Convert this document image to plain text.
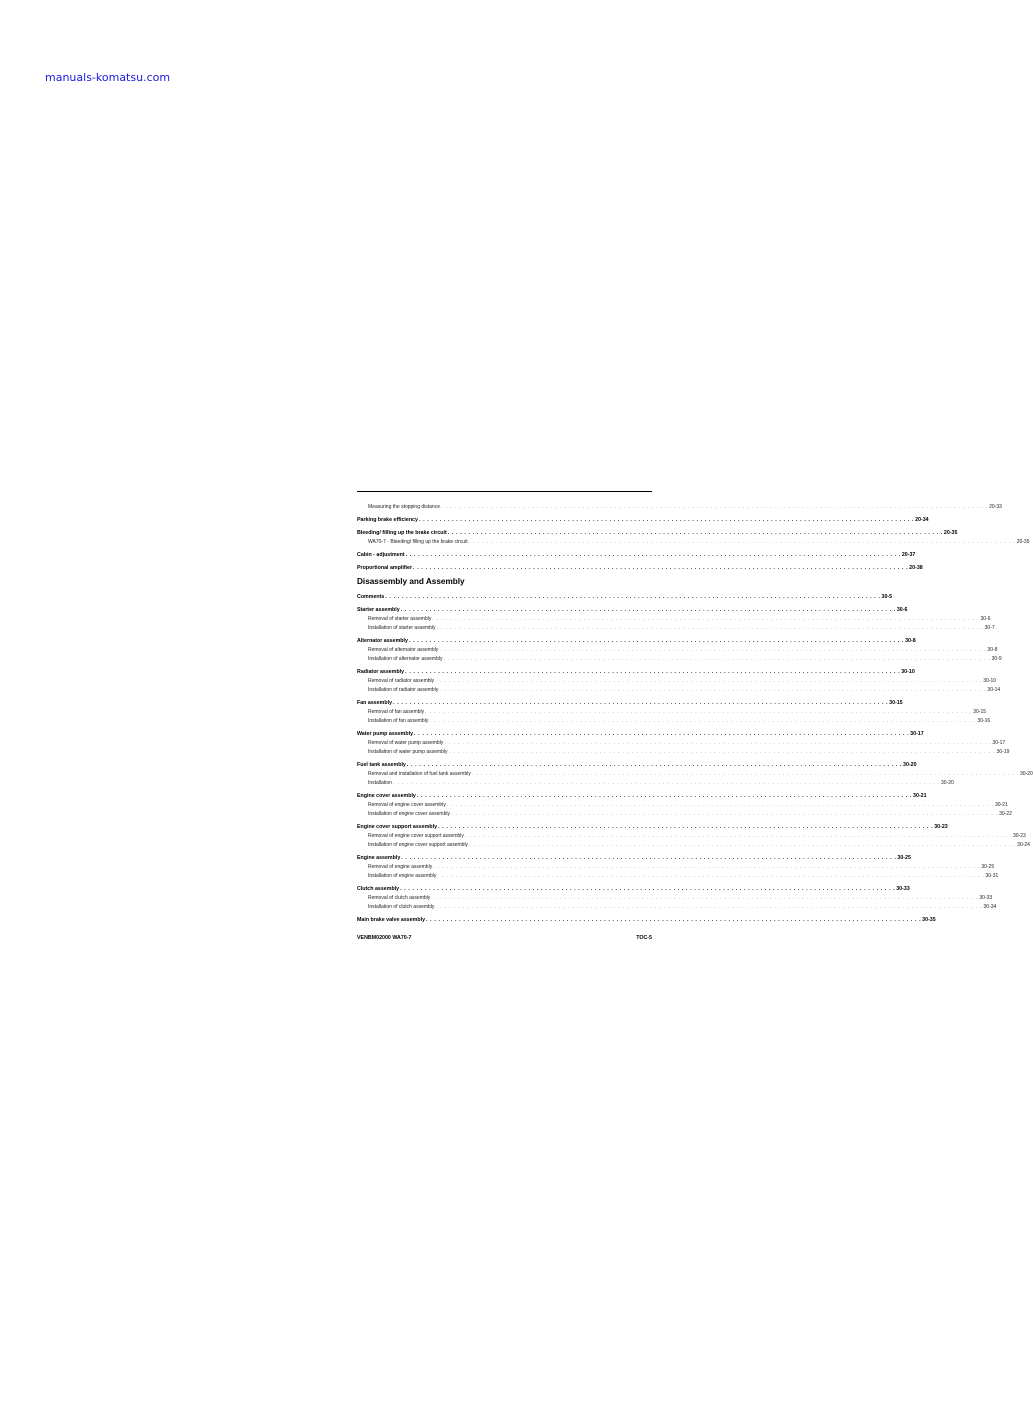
manuals-komatsu.com
Measuring the stopping distance . . . . . . . . . . . . . . . . . . . . . . . . . . . . . . . . . . . . . . . . . . . . . . . . . . . . . . . . . . . . . . . . . . . . . . . . . . . . . . . . . . . . . . . . . . . . . . . . . . . . . . . . . . . . . . . . . . . . . . . . 20-33
Parking brake efficiency . . . . . . . . . . . . . . . . . . . . . . . . . . . . . . . . . . . . . . . . . . . . . . . . . . . . . . . . . . . . . . . . . . . . . . . . . . . . . . . . . . . . . . . . . . . . . . . . . . . . . . . . . . . . . . . . . . . . . . . . 20-34
Bleeding/ filling up the brake circuit . . . . . . . . . . . . . . . . . . . . . . . . . . . . . . . . . . . . . . . . . . . . . . . . . . . . . . . . . . . . . . . . . . . . . . . . . . . . . . . . . . . . . . . . . . . . . . . . . . . . . . . . . . . . . . . . . . . . . . . . 20-35
WA70-7 - Bleeding/ filling up the brake circuit . . . . . . . . . . . . . . . . . . . . . . . . . . . . . . . . . . . . . . . . . . . . . . . . . . . . . . . . . . . . . . . . . . . . . . . . . . . . . . . . . . . . . . . . . . . . . . . . . . . . . . . . . . . . . . . . . . . . . . . . 20-35
Cabin - adjustment . . . . . . . . . . . . . . . . . . . . . . . . . . . . . . . . . . . . . . . . . . . . . . . . . . . . . . . . . . . . . . . . . . . . . . . . . . . . . . . . . . . . . . . . . . . . . . . . . . . . . . . . . . . . . . . . . . . . . . . . 20-37
Proportional amplifier . . . . . . . . . . . . . . . . . . . . . . . . . . . . . . . . . . . . . . . . . . . . . . . . . . . . . . . . . . . . . . . . . . . . . . . . . . . . . . . . . . . . . . . . . . . . . . . . . . . . . . . . . . . . . . . . . . . . . . . . 20-38
Disassembly and Assembly
Comments . . . . . . . . . . . . . . . . . . . . . . . . . . . . . . . . . . . . . . . . . . . . . . . . . . . . . . . . . . . . . . . . . . . . . . . . . . . . . . . . . . . . . . . . . . . . . . . . . . . . . . . . . . . . . . . . . . . . . . . . 30-5
Starter assembly . . . . . . . . . . . . . . . . . . . . . . . . . . . . . . . . . . . . . . . . . . . . . . . . . . . . . . . . . . . . . . . . . . . . . . . . . . . . . . . . . . . . . . . . . . . . . . . . . . . . . . . . . . . . . . . . . . . . . . . . 30-6
Removal of starter assembly . . . . . . . . . . . . . . . . . . . . . . . . . . . . . . . . . . . . . . . . . . . . . . . . . . . . . . . . . . . . . . . . . . . . . . . . . . . . . . . . . . . . . . . . . . . . . . . . . . . . . . . . . . . . . . . . . . . . . . . . 30-6
Installation of starter assembly . . . . . . . . . . . . . . . . . . . . . . . . . . . . . . . . . . . . . . . . . . . . . . . . . . . . . . . . . . . . . . . . . . . . . . . . . . . . . . . . . . . . . . . . . . . . . . . . . . . . . . . . . . . . . . . . . . . . . . . . 30-7
Alternator assembly . . . . . . . . . . . . . . . . . . . . . . . . . . . . . . . . . . . . . . . . . . . . . . . . . . . . . . . . . . . . . . . . . . . . . . . . . . . . . . . . . . . . . . . . . . . . . . . . . . . . . . . . . . . . . . . . . . . . . . . . 30-8
Removal of alternator assembly . . . . . . . . . . . . . . . . . . . . . . . . . . . . . . . . . . . . . . . . . . . . . . . . . . . . . . . . . . . . . . . . . . . . . . . . . . . . . . . . . . . . . . . . . . . . . . . . . . . . . . . . . . . . . . . . . . . . . . . . 30-8
Installation of alternator assembly . . . . . . . . . . . . . . . . . . . . . . . . . . . . . . . . . . . . . . . . . . . . . . . . . . . . . . . . . . . . . . . . . . . . . . . . . . . . . . . . . . . . . . . . . . . . . . . . . . . . . . . . . . . . . . . . . . . . . . . . 30-9
Radiator assembly . . . . . . . . . . . . . . . . . . . . . . . . . . . . . . . . . . . . . . . . . . . . . . . . . . . . . . . . . . . . . . . . . . . . . . . . . . . . . . . . . . . . . . . . . . . . . . . . . . . . . . . . . . . . . . . . . . . . . . . . 30-10
Removal of radiator assembly . . . . . . . . . . . . . . . . . . . . . . . . . . . . . . . . . . . . . . . . . . . . . . . . . . . . . . . . . . . . . . . . . . . . . . . . . . . . . . . . . . . . . . . . . . . . . . . . . . . . . . . . . . . . . . . . . . . . . . . . 30-10
Installation of radiator assembly . . . . . . . . . . . . . . . . . . . . . . . . . . . . . . . . . . . . . . . . . . . . . . . . . . . . . . . . . . . . . . . . . . . . . . . . . . . . . . . . . . . . . . . . . . . . . . . . . . . . . . . . . . . . . . . . . . . . . . . . 30-14
Fan assembly . . . . . . . . . . . . . . . . . . . . . . . . . . . . . . . . . . . . . . . . . . . . . . . . . . . . . . . . . . . . . . . . . . . . . . . . . . . . . . . . . . . . . . . . . . . . . . . . . . . . . . . . . . . . . . . . . . . . . . . . 30-15
Removal of fan assembly . . . . . . . . . . . . . . . . . . . . . . . . . . . . . . . . . . . . . . . . . . . . . . . . . . . . . . . . . . . . . . . . . . . . . . . . . . . . . . . . . . . . . . . . . . . . . . . . . . . . . . . . . . . . . . . . . . . . . . . . 30-15
Installation of fan assembly . . . . . . . . . . . . . . . . . . . . . . . . . . . . . . . . . . . . . . . . . . . . . . . . . . . . . . . . . . . . . . . . . . . . . . . . . . . . . . . . . . . . . . . . . . . . . . . . . . . . . . . . . . . . . . . . . . . . . . . . 30-16
Water pump assembly . . . . . . . . . . . . . . . . . . . . . . . . . . . . . . . . . . . . . . . . . . . . . . . . . . . . . . . . . . . . . . . . . . . . . . . . . . . . . . . . . . . . . . . . . . . . . . . . . . . . . . . . . . . . . . . . . . . . . . . . 30-17
Removal of water pump assembly . . . . . . . . . . . . . . . . . . . . . . . . . . . . . . . . . . . . . . . . . . . . . . . . . . . . . . . . . . . . . . . . . . . . . . . . . . . . . . . . . . . . . . . . . . . . . . . . . . . . . . . . . . . . . . . . . . . . . . . . 30-17
Installation of water pump assembly . . . . . . . . . . . . . . . . . . . . . . . . . . . . . . . . . . . . . . . . . . . . . . . . . . . . . . . . . . . . . . . . . . . . . . . . . . . . . . . . . . . . . . . . . . . . . . . . . . . . . . . . . . . . . . . . . . . . . . . . 30-19
Fuel tank assembly . . . . . . . . . . . . . . . . . . . . . . . . . . . . . . . . . . . . . . . . . . . . . . . . . . . . . . . . . . . . . . . . . . . . . . . . . . . . . . . . . . . . . . . . . . . . . . . . . . . . . . . . . . . . . . . . . . . . . . . . 30-20
Removal and installation of fuel tank assembly . . . . . . . . . . . . . . . . . . . . . . . . . . . . . . . . . . . . . . . . . . . . . . . . . . . . . . . . . . . . . . . . . . . . . . . . . . . . . . . . . . . . . . . . . . . . . . . . . . . . . . . . . . . . . . . . . . . . . . . . 30-20
Installation . . . . . . . . . . . . . . . . . . . . . . . . . . . . . . . . . . . . . . . . . . . . . . . . . . . . . . . . . . . . . . . . . . . . . . . . . . . . . . . . . . . . . . . . . . . . . . . . . . . . . . . . . . . . . . . . . . . . . . . . 30-20
Engine cover assembly . . . . . . . . . . . . . . . . . . . . . . . . . . . . . . . . . . . . . . . . . . . . . . . . . . . . . . . . . . . . . . . . . . . . . . . . . . . . . . . . . . . . . . . . . . . . . . . . . . . . . . . . . . . . . . . . . . . . . . . . 30-21
Removal of engine cover assembly . . . . . . . . . . . . . . . . . . . . . . . . . . . . . . . . . . . . . . . . . . . . . . . . . . . . . . . . . . . . . . . . . . . . . . . . . . . . . . . . . . . . . . . . . . . . . . . . . . . . . . . . . . . . . . . . . . . . . . . . 30-21
Installation of engine cover assembly . . . . . . . . . . . . . . . . . . . . . . . . . . . . . . . . . . . . . . . . . . . . . . . . . . . . . . . . . . . . . . . . . . . . . . . . . . . . . . . . . . . . . . . . . . . . . . . . . . . . . . . . . . . . . . . . . . . . . . . . 30-22
Engine cover support assembly . . . . . . . . . . . . . . . . . . . . . . . . . . . . . . . . . . . . . . . . . . . . . . . . . . . . . . . . . . . . . . . . . . . . . . . . . . . . . . . . . . . . . . . . . . . . . . . . . . . . . . . . . . . . . . . . . . . . . . . . 30-23
Removal of engine cover support assembly . . . . . . . . . . . . . . . . . . . . . . . . . . . . . . . . . . . . . . . . . . . . . . . . . . . . . . . . . . . . . . . . . . . . . . . . . . . . . . . . . . . . . . . . . . . . . . . . . . . . . . . . . . . . . . . . . . . . . . . . 30-23
Installation of engine cover support assembly . . . . . . . . . . . . . . . . . . . . . . . . . . . . . . . . . . . . . . . . . . . . . . . . . . . . . . . . . . . . . . . . . . . . . . . . . . . . . . . . . . . . . . . . . . . . . . . . . . . . . . . . . . . . . . . . . . . . . . . . 30-24
Engine assembly . . . . . . . . . . . . . . . . . . . . . . . . . . . . . . . . . . . . . . . . . . . . . . . . . . . . . . . . . . . . . . . . . . . . . . . . . . . . . . . . . . . . . . . . . . . . . . . . . . . . . . . . . . . . . . . . . . . . . . . . 30-25
Removal of engine assembly . . . . . . . . . . . . . . . . . . . . . . . . . . . . . . . . . . . . . . . . . . . . . . . . . . . . . . . . . . . . . . . . . . . . . . . . . . . . . . . . . . . . . . . . . . . . . . . . . . . . . . . . . . . . . . . . . . . . . . . . 30-25
Installation of engine assembly . . . . . . . . . . . . . . . . . . . . . . . . . . . . . . . . . . . . . . . . . . . . . . . . . . . . . . . . . . . . . . . . . . . . . . . . . . . . . . . . . . . . . . . . . . . . . . . . . . . . . . . . . . . . . . . . . . . . . . . . 30-31
Clutch assembly . . . . . . . . . . . . . . . . . . . . . . . . . . . . . . . . . . . . . . . . . . . . . . . . . . . . . . . . . . . . . . . . . . . . . . . . . . . . . . . . . . . . . . . . . . . . . . . . . . . . . . . . . . . . . . . . . . . . . . . . 30-33
Removal of clutch assembly . . . . . . . . . . . . . . . . . . . . . . . . . . . . . . . . . . . . . . . . . . . . . . . . . . . . . . . . . . . . . . . . . . . . . . . . . . . . . . . . . . . . . . . . . . . . . . . . . . . . . . . . . . . . . . . . . . . . . . . . 30-33
Installation of clutch assembly . . . . . . . . . . . . . . . . . . . . . . . . . . . . . . . . . . . . . . . . . . . . . . . . . . . . . . . . . . . . . . . . . . . . . . . . . . . . . . . . . . . . . . . . . . . . . . . . . . . . . . . . . . . . . . . . . . . . . . . . 30-34
Main brake valve assembly . . . . . . . . . . . . . . . . . . . . . . . . . . . . . . . . . . . . . . . . . . . . . . . . . . . . . . . . . . . . . . . . . . . . . . . . . . . . . . . . . . . . . . . . . . . . . . . . . . . . . . . . . . . . . . . . . . . . . . . . 30-35
VENBM02000 WA70-7	TOC-5
